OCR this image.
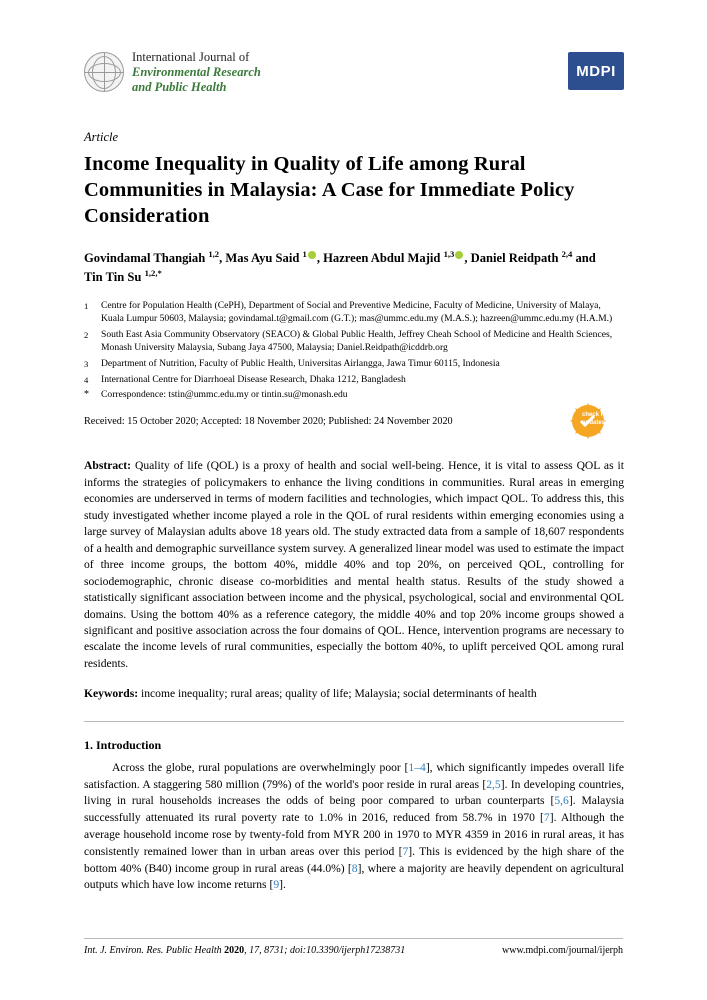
International Journal of
Environmental Research
and Public Health
MDPI
Article
Income Inequality in Quality of Life among Rural Communities in Malaysia: A Case for Immediate Policy Consideration
Govindamal Thangiah $^{1,2}$, Mas Ayu Said $^1$ , Hazreen Abdul Majid $^{1,3}$ , Daniel Reidpath $^{2,4}$ and
Tin Tin Su $^{1,2,*}$
1	Centre for Population Health (CePH), Department of Social and Preventive Medicine, Faculty of Medicine, University of Malaya, Kuala Lumpur 50603, Malaysia; govindamal.t@gmail.com (G.T.); mas@ummc.edu.my (M.A.S.); hazreen@ummc.edu.my (H.A.M.)
2	South East Asia Community Observatory (SEACO) & Global Public Health, Jeffrey Cheah School of Medicine and Health Sciences, Monash University Malaysia, Subang Jaya 47500, Malaysia; Daniel.Reidpath@icddrb.org
3	Department of Nutrition, Faculty of Public Health, Universitas Airlangga, Jawa Timur 60115, Indonesia
4	International Centre for Diarrhoeal Disease Research, Dhaka 1212, Bangladesh
*	Correspondence: tstin@ummc.edu.my or tintin.su@monash.edu
Received: 15 October 2020; Accepted: 18 November 2020; Published: 24 November 2020
check for
updates
Abstract: Quality of life (QOL) is a proxy of health and social well-being. Hence, it is vital to assess QOL as it informs the strategies of policymakers to enhance the living conditions in communities. Rural areas in emerging economies are underserved in terms of modern facilities and technologies, which impact QOL. To address this, this study investigated whether income played a role in the QOL of rural residents within emerging economies using a large survey of Malaysian adults above 18 years old. The study extracted data from a sample of 18,607 respondents of a health and demographic surveillance system survey. A generalized linear model was used to estimate the impact of three income groups, the bottom 40%, middle 40% and top 20%, on perceived QOL, controlling for sociodemographic, chronic disease co-morbidities and mental health status. Results of the study showed a statistically significant association between income and the physical, psychological, social and environmental QOL domains. Using the bottom 40% as a reference category, the middle 40% and top 20% income groups showed a significant and positive association across the four domains of QOL. Hence, intervention programs are necessary to escalate the income levels of rural communities, especially the bottom 40%, to uplift perceived QOL among rural residents.
Keywords: income inequality; rural areas; quality of life; Malaysia; social determinants of health
1. Introduction
Across the globe, rural populations are overwhelmingly poor [1–4], which significantly impedes overall life satisfaction. A staggering 580 million (79%) of the world's poor reside in rural areas [2,5]. In developing countries, living in rural households increases the odds of being poor compared to urban counterparts [5,6]. Malaysia successfully attenuated its rural poverty rate to 1.0% in 2016, reduced from 58.7% in 1970 [7]. Although the average household income rose by twenty-fold from MYR 200 in 1970 to MYR 4359 in 2016 in rural areas, it has consistently remained lower than in urban areas over this period [7]. This is evidenced by the high share of the bottom 40% (B40) income group in rural areas (44.0%) [8], where a majority are heavily dependent on agricultural outputs which have low income returns [9].
Int. J. Environ. Res. Public Health 2020, 17, 8731; doi:10.3390/ijerph17238731	www.mdpi.com/journal/ijerph
